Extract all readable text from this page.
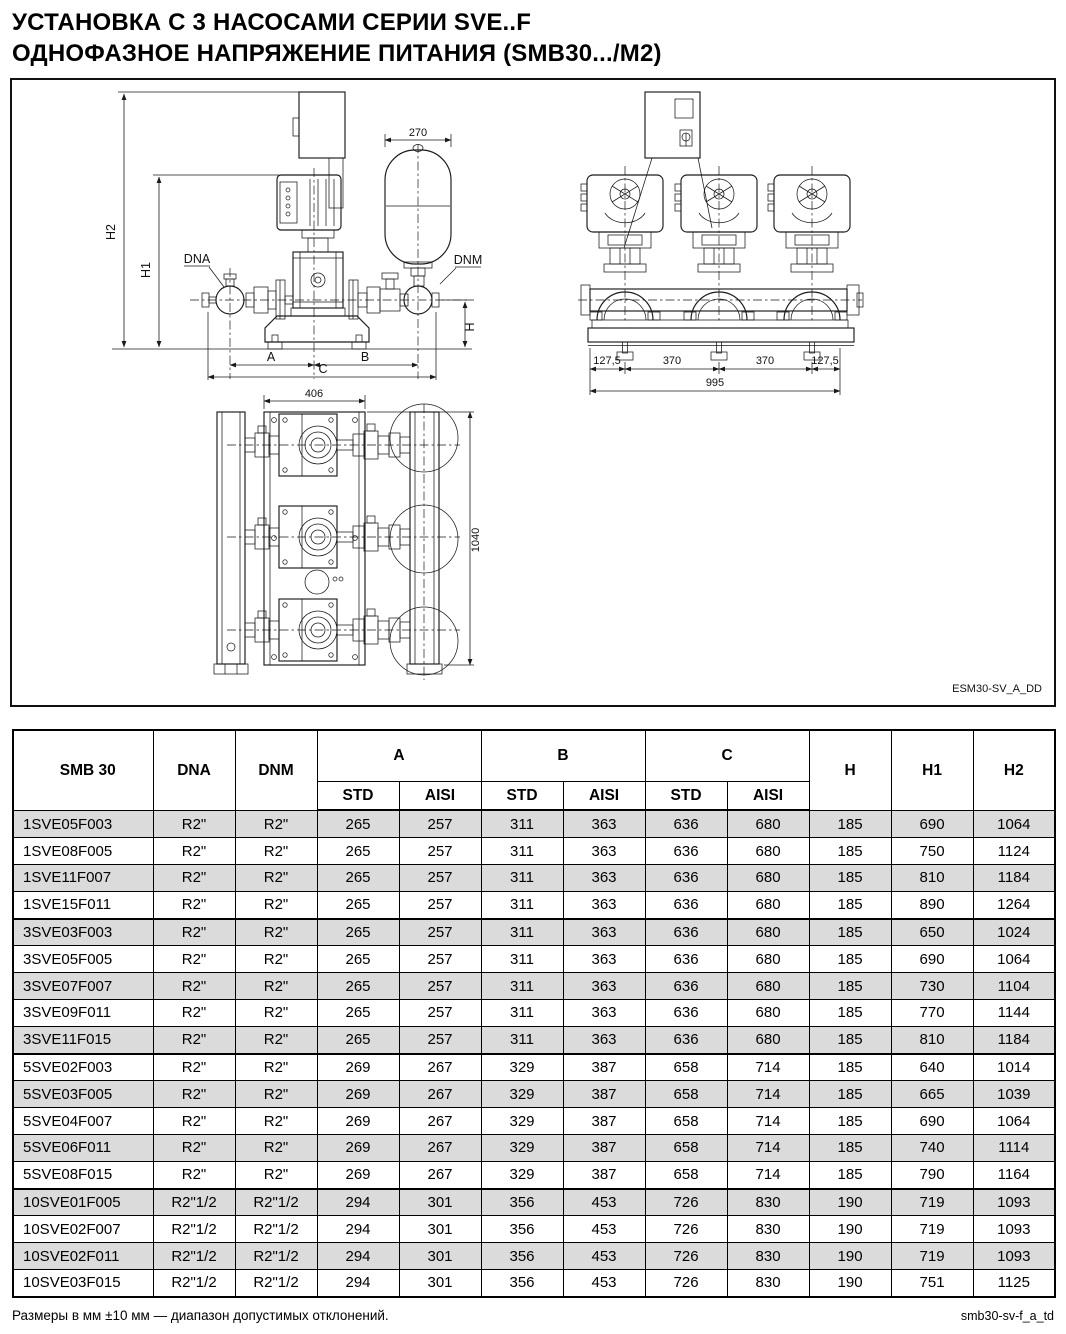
УСТАНОВКА С 3 НАСОСАМИ СЕРИИ SVE..F
ОДНОФАЗНОЕ НАПРЯЖЕНИЕ ПИТАНИЯ (SMB30.../M2)
H2
H1
270
H
A	B
C
DNA	DNM
127,5	370	370	127,5
995
406
1040
ESM30-SV_A_DD
SMB 30	DNA	DNM	A		B		C		H	H1	H2
			STD	AISI	STD	AISI	STD	AISI			
1SVE05F003	R2"	R2"	265	257	311	363	636	680	185	690	1064
1SVE08F005	R2"	R2"	265	257	311	363	636	680	185	750	1124
1SVE11F007	R2"	R2"	265	257	311	363	636	680	185	810	1184
1SVE15F011	R2"	R2"	265	257	311	363	636	680	185	890	1264
3SVE03F003	R2"	R2"	265	257	311	363	636	680	185	650	1024
3SVE05F005	R2"	R2"	265	257	311	363	636	680	185	690	1064
3SVE07F007	R2"	R2"	265	257	311	363	636	680	185	730	1104
3SVE09F011	R2"	R2"	265	257	311	363	636	680	185	770	1144
3SVE11F015	R2"	R2"	265	257	311	363	636	680	185	810	1184
5SVE02F003	R2"	R2"	269	267	329	387	658	714	185	640	1014
5SVE03F005	R2"	R2"	269	267	329	387	658	714	185	665	1039
5SVE04F007	R2"	R2"	269	267	329	387	658	714	185	690	1064
5SVE06F011	R2"	R2"	269	267	329	387	658	714	185	740	1114
5SVE08F015	R2"	R2"	269	267	329	387	658	714	185	790	1164
10SVE01F005	R2"1/2	R2"1/2	294	301	356	453	726	830	190	719	1093
10SVE02F007	R2"1/2	R2"1/2	294	301	356	453	726	830	190	719	1093
10SVE02F011	R2"1/2	R2"1/2	294	301	356	453	726	830	190	719	1093
10SVE03F015	R2"1/2	R2"1/2	294	301	356	453	726	830	190	751	1125
Размеры в мм ±10 мм — диапазон допустимых отклонений.	smb30-sv-f_a_td
